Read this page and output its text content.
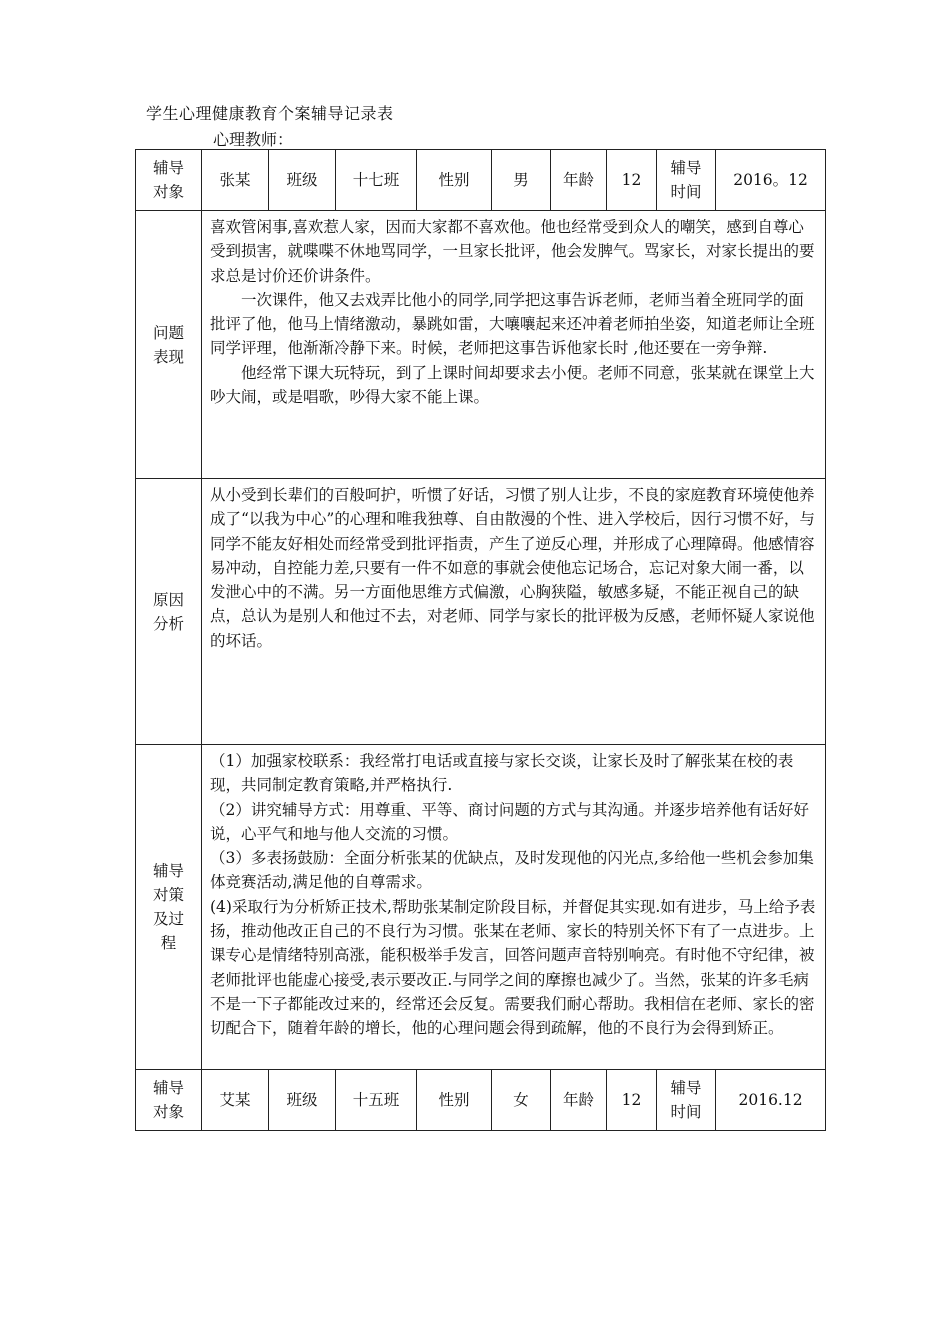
学生心理健康教育个案辅导记录表
心理教师：
辅导对象	张某	班级	十七班	性别	男	年龄	12	辅导时间	2016。12

问题表现	喜欢管闲事,喜欢惹人家，因而大家都不喜欢他。他也经常受到众人的嘲笑，感到自尊心受到损害，就喋喋不休地骂同学，一旦家长批评，他会发脾气。骂家长，对家长提出的要求总是讨价还价讲条件。

一次课件，他又去戏弄比他小的同学,同学把这事告诉老师，老师当着全班同学的面批评了他，他马上情绪激动，暴跳如雷，大嚷嚷起来还冲着老师拍坐姿，知道老师让全班同学评理，他渐渐冷静下来。时候，老师把这事告诉他家长时 ,他还要在一旁争辩.

他经常下课大玩特玩，到了上课时间却要求去小便。老师不同意，张某就在课堂上大吵大闹，或是唱歌，吵得大家不能上课。								

原因分析	从小受到长辈们的百般呵护，听惯了好话，习惯了别人让步，不良的家庭教育环境使他养成了“以我为中心”的心理和唯我独尊、自由散漫的个性、进入学校后，因行习惯不好，与同学不能友好相处而经常受到批评指责，产生了逆反心理，并形成了心理障碍。他感情容易冲动，自控能力差,只要有一件不如意的事就会使他忘记场合，忘记对象大闹一番，以发泄心中的不满。另一方面他思维方式偏激，心胸狭隘，敏感多疑，不能正视自己的缺点，总认为是别人和他过不去，对老师、同学与家长的批评极为反感，老师怀疑人家说他的坏话。								

辅导对策及过程	（1）加强家校联系：我经常打电话或直接与家长交谈，让家长及时了解张某在校的表现，共同制定教育策略,并严格执行.

（2）讲究辅导方式：用尊重、平等、商讨问题的方式与其沟通。并逐步培养他有话好好说，心平气和地与他人交流的习惯。

（3）多表扬鼓励：全面分析张某的优缺点，及时发现他的闪光点,多给他一些机会参加集体竞赛活动,满足他的自尊需求。

(4)采取行为分析矫正技术,帮助张某制定阶段目标，并督促其实现.如有进步，马上给予表扬，推动他改正自己的不良行为习惯。张某在老师、家长的特别关怀下有了一点进步。上课专心是情绪特别高涨，能积极举手发言，回答问题声音特别响亮。有时他不守纪律，被老师批评也能虚心接受,表示要改正.与同学之间的摩擦也减少了。当然，张某的许多毛病不是一下子都能改过来的，经常还会反复。需要我们耐心帮助。我相信在老师、家长的密切配合下，随着年龄的增长，他的心理问题会得到疏解，他的不良行为会得到矫正。								

辅导对象	艾某	班级	十五班	性别	女	年龄	12	辅导时间	2016.12
